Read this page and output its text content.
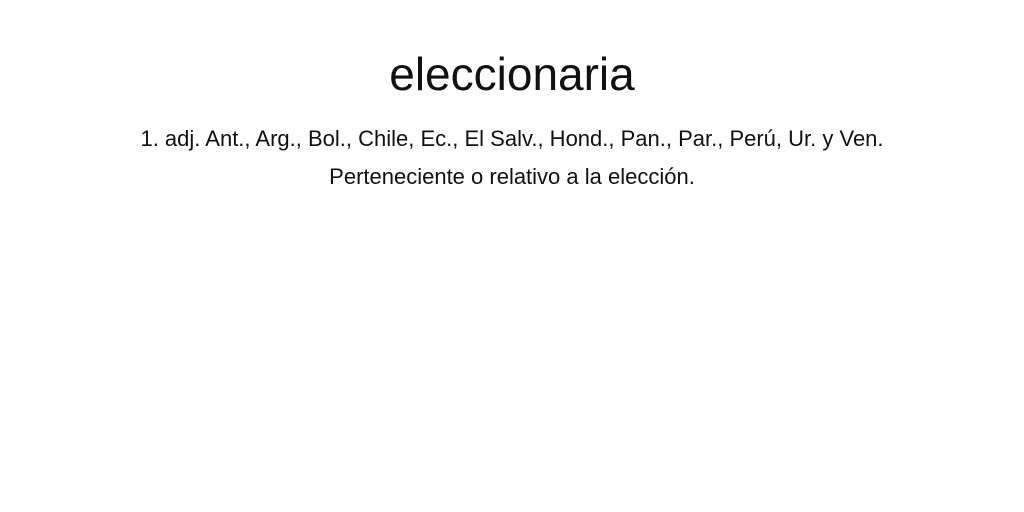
eleccionaria

1. adj. Ant., Arg., Bol., Chile, Ec., El Salv., Hond., Pan., Par., Perú, Ur. y Ven. Perteneciente o relativo a la elección.
